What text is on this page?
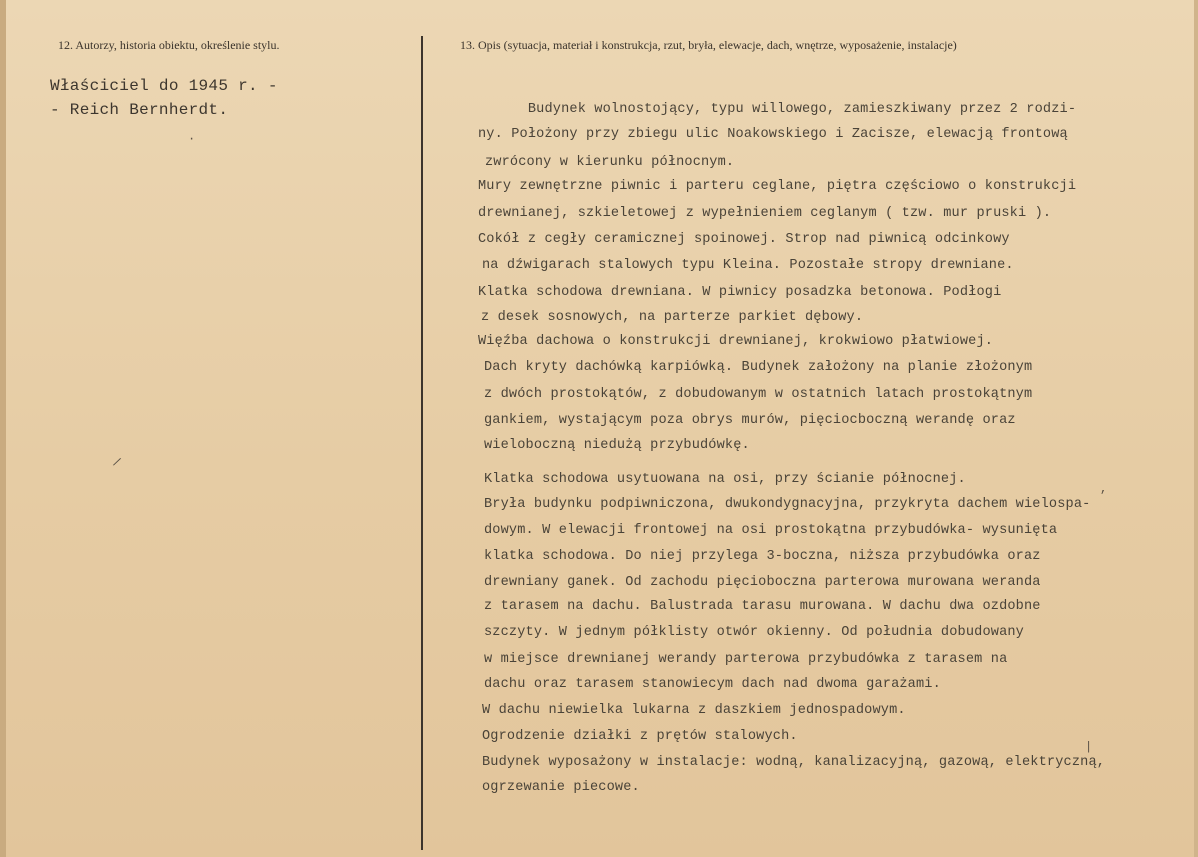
12. Autorzy, historia obiektu, określenie stylu.	13. Opis (sytuacja, materiał i konstrukcja, rzut, bryła, elewacje, dach, wnętrze, wyposażenie, instalacje)
Właściciel do 1945 r. -
- Reich Bernherdt.
·
/
,
|
Budynek wolnostojący, typu willowego, zamieszkiwany przez 2 rodzi-
ny. Położony przy zbiegu ulic Noakowskiego i Zacisze, elewacją frontową
zwrócony w kierunku północnym.
Mury zewnętrzne piwnic i parteru ceglane, piętra częściowo o konstrukcji
drewnianej, szkieletowej z wypełnieniem ceglanym ( tzw. mur pruski ).
Cokół z cegły ceramicznej spoinowej. Strop nad piwnicą odcinkowy
na dźwigarach stalowych typu Kleina. Pozostałe stropy drewniane.
Klatka schodowa drewniana. W piwnicy posadzka betonowa. Podłogi
z desek sosnowych, na parterze parkiet dębowy.
Więźba dachowa o konstrukcji drewnianej, krokwiowo płatwiowej.
Dach kryty dachówką karpiówką. Budynek założony na planie złożonym
z dwóch prostokątów, z dobudowanym w ostatnich latach prostokątnym
gankiem, wystającym poza obrys murów, pięciocboczną werandę oraz
wieloboczną niedużą przybudówkę.
Klatka schodowa usytuowana na osi, przy ścianie północnej.
Bryła budynku podpiwniczona, dwukondygnacyjna, przykryta dachem wielospa-
dowym. W elewacji frontowej na osi prostokątna przybudówka- wysunięta
klatka schodowa. Do niej przylega 3-boczna, niższa przybudówka oraz
drewniany ganek. Od zachodu pięcioboczna parterowa murowana weranda
z tarasem na dachu. Balustrada tarasu murowana. W dachu dwa ozdobne
szczyty. W jednym półklisty otwór okienny. Od południa dobudowany
w miejsce drewnianej werandy parterowa przybudówka z tarasem na
dachu oraz tarasem stanowiecym dach nad dwoma garażami.
W dachu niewielka lukarna z daszkiem jednospadowym.
Ogrodzenie działki z prętów stalowych.
Budynek wyposażony w instalacje: wodną, kanalizacyjną, gazową, elektryczną,
ogrzewanie piecowe.
